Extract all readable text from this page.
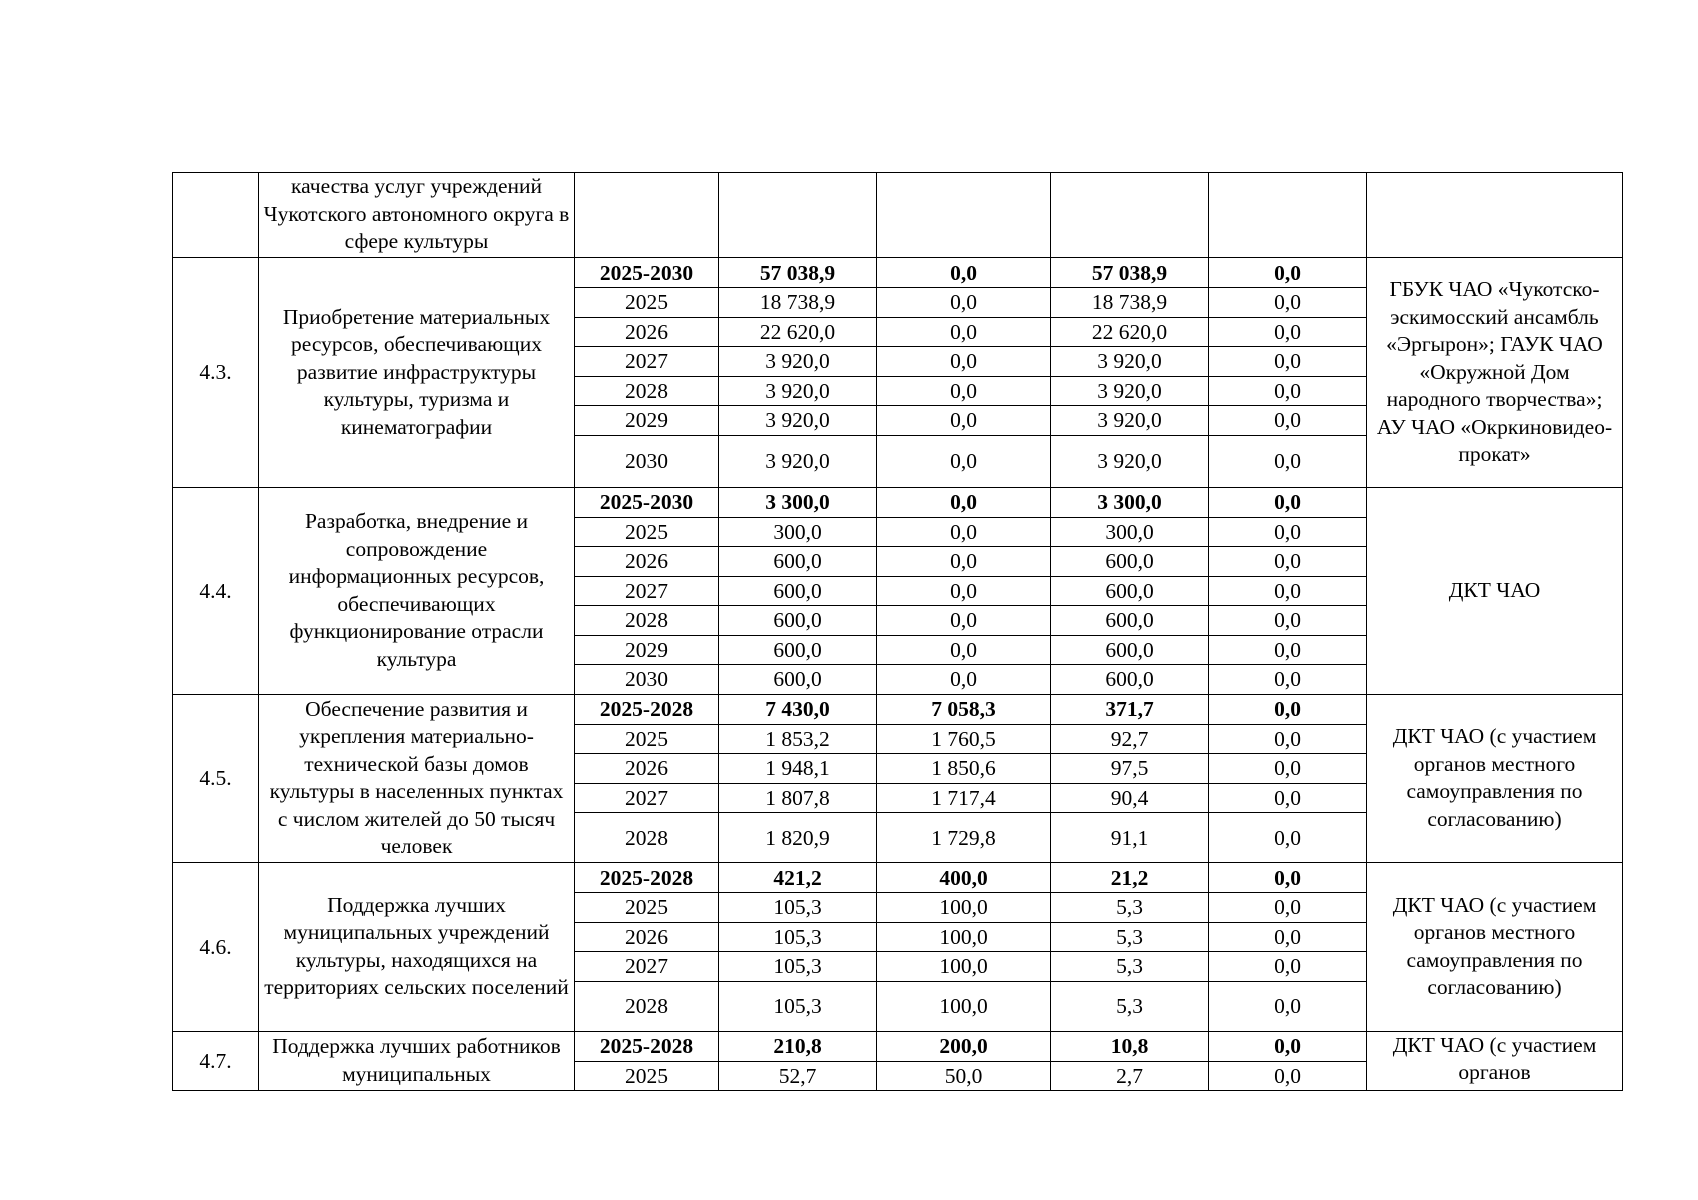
	качества услуг учреждений Чукотского автономного округа в сфере культуры						
4.3.	Приобретение материальных ресурсов, обеспечивающих развитие инфраструктуры культуры, туризма и кинематографии	2025-2030	57 038,9	0,0	57 038,9	0,0	ГБУК ЧАО «Чукотско-эскимосский ансамбль «Эргырон»; ГАУК ЧАО «Окружной Дом народного творчества»; АУ ЧАО «Окркиновидео-прокат»
		2025	18 738,9	0,0	18 738,9	0,0	
		2026	22 620,0	0,0	22 620,0	0,0	
		2027	3 920,0	0,0	3 920,0	0,0	
		2028	3 920,0	0,0	3 920,0	0,0	
		2029	3 920,0	0,0	3 920,0	0,0	
		2030	3 920,0	0,0	3 920,0	0,0	
4.4.	Разработка, внедрение и сопровождение информационных ресурсов, обеспечивающих функционирование отрасли культура	2025-2030	3 300,0	0,0	3 300,0	0,0	ДКТ ЧАО
		2025	300,0	0,0	300,0	0,0	
		2026	600,0	0,0	600,0	0,0	
		2027	600,0	0,0	600,0	0,0	
		2028	600,0	0,0	600,0	0,0	
		2029	600,0	0,0	600,0	0,0	
		2030	600,0	0,0	600,0	0,0	
4.5.	Обеспечение развития и укрепления материально-технической базы домов культуры в населенных пунктах с числом жителей до 50 тысяч человек	2025-2028	7 430,0	7 058,3	371,7	0,0	ДКТ ЧАО (с участием органов местного самоуправления по согласованию)
		2025	1 853,2	1 760,5	92,7	0,0	
		2026	1 948,1	1 850,6	97,5	0,0	
		2027	1 807,8	1 717,4	90,4	0,0	
		2028	1 820,9	1 729,8	91,1	0,0	
4.6.	Поддержка лучших муниципальных учреждений культуры, находящихся на территориях сельских поселений	2025-2028	421,2	400,0	21,2	0,0	ДКТ ЧАО (с участием органов местного самоуправления по согласованию)
		2025	105,3	100,0	5,3	0,0	
		2026	105,3	100,0	5,3	0,0	
		2027	105,3	100,0	5,3	0,0	
		2028	105,3	100,0	5,3	0,0	
4.7.	Поддержка лучших работников муниципальных	2025-2028	210,8	200,0	10,8	0,0	ДКТ ЧАО (с участием органов
		2025	52,7	50,0	2,7	0,0	
